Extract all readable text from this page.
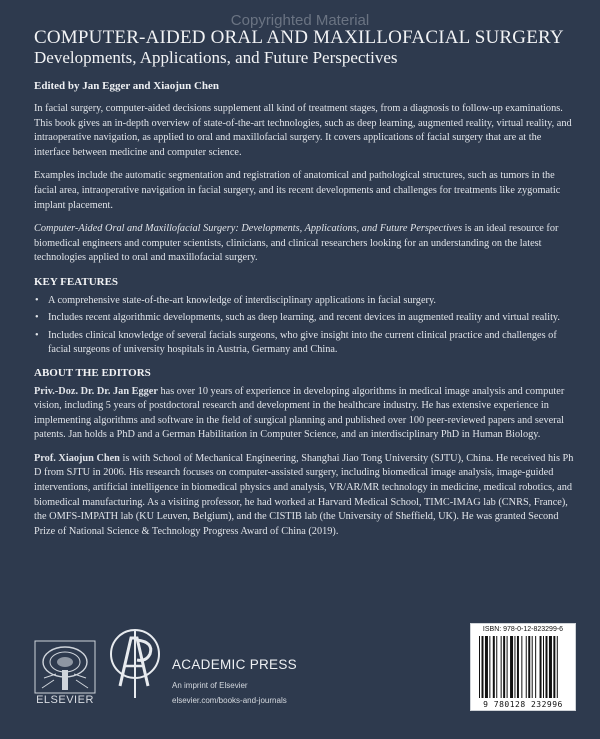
Copyrighted Material
COMPUTER-AIDED ORAL AND MAXILLOFACIAL SURGERY
Developments, Applications, and Future Perspectives
Edited by Jan Egger and Xiaojun Chen

In facial surgery, computer-aided decisions supplement all kind of treatment stages, from a diagnosis to follow-up examinations. This book gives an in-depth overview of state-of-the-art technologies, such as deep learning, augmented reality, virtual reality, and intraoperative navigation, as applied to oral and maxillofacial surgery. It covers applications of facial surgery that are at the interface between medicine and computer science.

Examples include the automatic segmentation and registration of anatomical and pathological structures, such as tumors in the facial area, intraoperative navigation in facial surgery, and its recent developments and challenges for treatments like zygomatic implant placement.

Computer-Aided Oral and Maxillofacial Surgery: Developments, Applications, and Future Perspectives is an ideal resource for biomedical engineers and computer scientists, clinicians, and clinical researchers looking for an understanding on the latest technologies applied to oral and maxillofacial surgery.

KEY FEATURES
• A comprehensive state-of-the-art knowledge of interdisciplinary applications in facial surgery.
• Includes recent algorithmic developments, such as deep learning, and recent devices in augmented reality and virtual reality.
• Includes clinical knowledge of several facials surgeons, who give insight into the current clinical practice and challenges of facial surgeons of university hospitals in Austria, Germany and China.
ABOUT THE EDITORS

Priv.-Doz. Dr. Dr. Jan Egger has over 10 years of experience in developing algorithms in medical image analysis and computer vision, including 5 years of postdoctoral research and development in the healthcare industry. He has extensive experience in implementing algorithms and software in the field of surgical planning and published over 100 peer-reviewed papers and several patents. Jan holds a PhD and a German Habilitation in Computer Science, and an interdisciplinary PhD in Human Biology.

Prof. Xiaojun Chen is with School of Mechanical Engineering, Shanghai Jiao Tong University (SJTU), China. He received his Ph D from SJTU in 2006. His research focuses on computer-assisted surgery, including biomedical image analysis, image-guided interventions, artificial intelligence in biomedical physics and analysis, VR/AR/MR technology in medicine, medical robotics, and biomedical manufacturing. As a visiting professor, he had worked at Harvard Medical School, TIMC-IMAG lab (CNRS, France), the OMFS-IMPATH lab (KU Leuven, Belgium), and the CISTIB lab (the University of Sheffield, UK). He was granted Second Prize of National Science & Technology Progress Award of China (2019).

ELSEVIER
ACADEMIC PRESS
An imprint of Elsevier
elsevier.com/books-and-journals
ISBN: 978-0-12-823299-6
9 780128 232996
